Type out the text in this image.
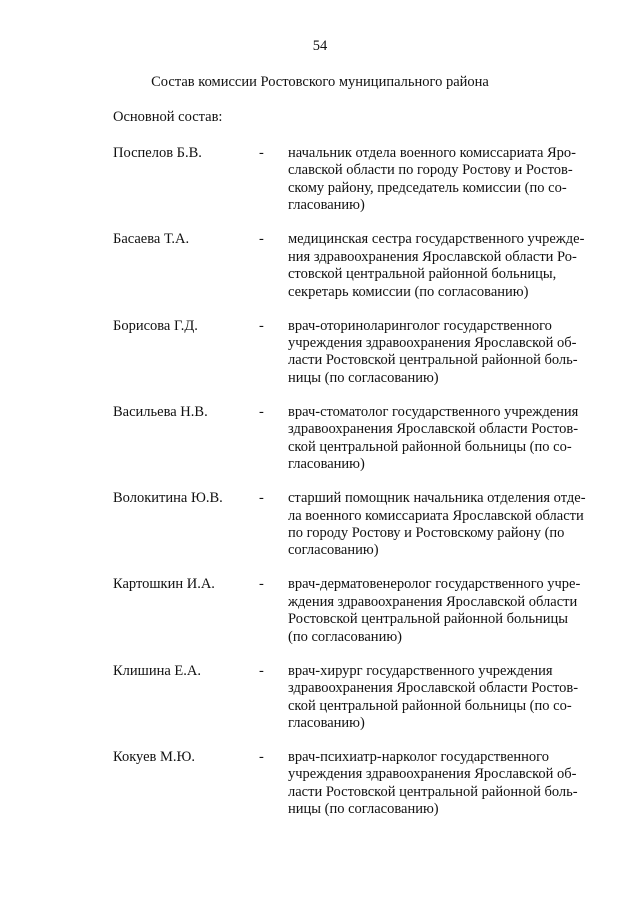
54
Состав комиссии Ростовского муниципального района
Основной состав:
Поспелов Б.В.	- начальник отдела военного комиссариата Яро-
славской области по городу Ростову и Ростов-
скому району, председатель комиссии (по со-
гласованию)
Басаева Т.А.	- медицинская сестра государственного учрежде-
ния здравоохранения Ярославской области Ро-
стовской центральной районной больницы,
секретарь комиссии (по согласованию)
Борисова Г.Д.	- врач-оториноларинголог государственного
учреждения здравоохранения Ярославской об-
ласти Ростовской центральной районной боль-
ницы (по согласованию)
Васильева Н.В.	- врач-стоматолог государственного учреждения
здравоохранения Ярославской области Ростов-
ской центральной районной больницы (по со-
гласованию)
Волокитина Ю.В. - старший помощник начальника отделения отде-
ла военного комиссариата Ярославской области
по городу Ростову и Ростовскому району (по
согласованию)
Картошкин И.А.	- врач-дерматовенеролог государственного учре-
ждения здравоохранения Ярославской области
Ростовской центральной районной больницы
(по согласованию)
Клишина Е.А.	- врач-хирург государственного учреждения
здравоохранения Ярославской области Ростов-
ской центральной районной больницы (по со-
гласованию)
Кокуев М.Ю.	- врач-психиатр-нарколог государственного
учреждения здравоохранения Ярославской об-
ласти Ростовской центральной районной боль-
ницы (по согласованию)
